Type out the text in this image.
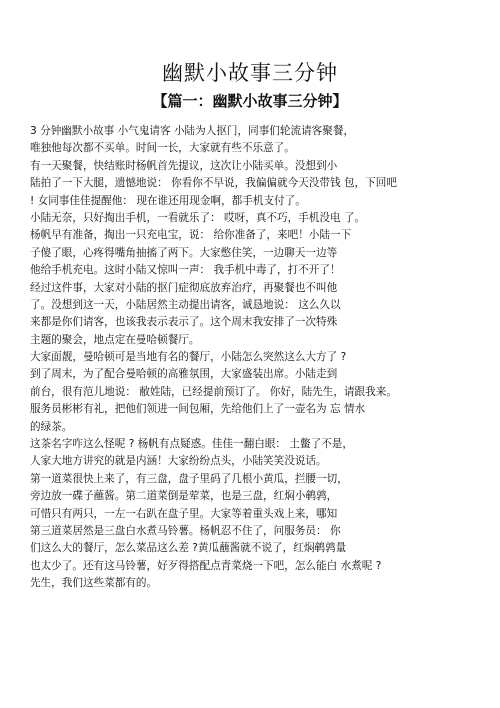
幽默小故事三分钟
【篇一：幽默小故事三分钟】
3 分钟幽默小故事 小气鬼请客 小陆为人抠门，同事们轮流请客聚餐，
唯独他每次都不买单。时间一长，大家就有些不乐意了。
有一天聚餐，快结账时杨帆首先提议，这次让小陆买单。没想到小
陆拍了一下大腿，遗憾地说： 你看你不早说，我偏偏就今天没带钱 包，下回吧
! 女同事佳佳提醒他： 现在谁还用现金啊，都手机支付了。
小陆无奈，只好掏出手机，一看就乐了： 哎呀，真不巧，手机没电 了。
杨帆早有准备，掏出一只充电宝，说： 给你准备了，来吧！小陆一下
子傻了眼，心疼得嘴角抽搐了两下。大家憋住笑，一边聊天一边等
他给手机充电。这时小陆又惊叫一声： 我手机中毒了，打不开了！
经过这件事，大家对小陆的抠门症彻底放弃治疗，再聚餐也不叫他
了。没想到这一天，小陆居然主动提出请客，诚恳地说： 这么久以
来都是你们请客，也该我表示表示了。这个周末我安排了一次特殊
主题的聚会，地点定在曼哈顿餐厅。
大家面靓，曼哈顿可是当地有名的餐厅，小陆怎么突然这么大方了 ?
到了周末，为了配合曼哈顿的高雅氛围，大家盛装出席。小陆走到
前台，很有范儿地说： 敝姓陆，已经提前预订了。 你好，陆先生，请跟我来。
服务员彬彬有礼，把他们领进一间包厢，先给他们上了一壶名为 忘 情水
的绿茶。
这茶名字咋这么怪呢 ? 杨帆有点疑惑。佳佳一翻白眼： 土鳖了不是，
人家大地方讲究的就是内涵！大家纷纷点头，小陆笑笑没说话。
第一道菜很快上来了，有三盘，盘子里码了几根小黄瓜，拦腰一切，
旁边放一碟子蘸酱。第二道菜倒是荤菜，也是三盘，红焖小鹌鹑，
可惜只有两只，一左一右趴在盘子里。大家等着重头戏上来，哪知
第三道菜居然是三盘白水煮马铃薯。杨帆忍不住了，问服务员： 你
们这么大的餐厅，怎么菜品这么差 ?黄瓜蘸酱就不说了，红焖鹌鹑量
也太少了。还有这马铃薯，好歹得搭配点青菜烧一下吧，怎么能白 水煮呢 ?
先生，我们这些菜都有的。
